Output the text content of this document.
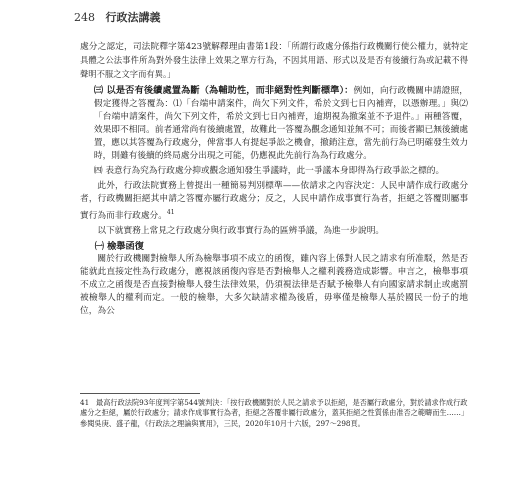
248 行政法講義

處分之認定，司法院釋字第423號解釋理由書第1段：「所謂行政處分係指行政機關行使公權力，就特定具體之公法事件所為對外發生法律上效果之單方行為，不因其用語、形式以及是否有後續行為或記載不得聲明不服之文字而有異。」

㈢ 以是否有後續處置為斷（為輔助性，而非絕對性判斷標準）：例如，向行政機關申請證照，假定獲得之答覆為：⑴「台端申請案件，尚欠下列文件，希於文到七日內補齊，以憑辦理。」與⑵「台端申請案件，尚欠下列文件，希於文到七日內補齊，逾期視為撤案並不予退件。」兩種答覆，效果即不相同。前者通常尚有後續處置，故難此一答覆為觀念通知並無不可；而後者顯已無後續處置，應以其答覆為行政處分，俾當事人有提起爭訟之機會，撤銷注意，當先前行為已明確發生效力時，則雖有後續的終局處分出現之可能，仍應視此先前行為為行政處分。

㈣ 表意行為究為行政處分抑或觀念通知發生爭議時，此一爭議本身即得為行政爭訟之標的。

此外，行政法院實務上曾提出一種簡易判別標準——依請求之內容決定：人民申請作成行政處分者，行政機關拒絕其申請之答覆亦屬行政處分；反之，人民申請作成事實行為者，拒絕之答覆則屬事實行為而非行政處分。$^{41}$

以下就實務上常見之行政處分與行政事實行為的區辨爭議，為進一步說明。

㈠ 檢舉函復

關於行政機關對檢舉人所為檢舉事項不成立的函復，雖內容上係對人民之請求有所准駁，然是否能就此直接定性為行政處分，應視該函復內容是否對檢舉人之權利義務造成影響。申言之，檢舉事項不成立之函復是否直接對檢舉人發生法律效果，仍須視法律是否賦予檢舉人有向國家請求制止或處罰被檢舉人的權利而定。一般的檢舉，大多欠缺請求權為後盾，毋寧僅是檢舉人基於國民一份子的地位，為公

41 最高行政法院93年度判字第544號判決：「按行政機關對於人民之請求予以拒絕，是否屬行政處分，對於請求作成行政處分之拒絕，屬於行政處分；請求作成事實行為者，拒絕之答覆非屬行政處分，蓋其拒絕之性質係由准否之範疇而生……」參閱吳庚、盛子龍，《行政法之理論與實用》，三民，2020年10月十六版，297～298頁。
